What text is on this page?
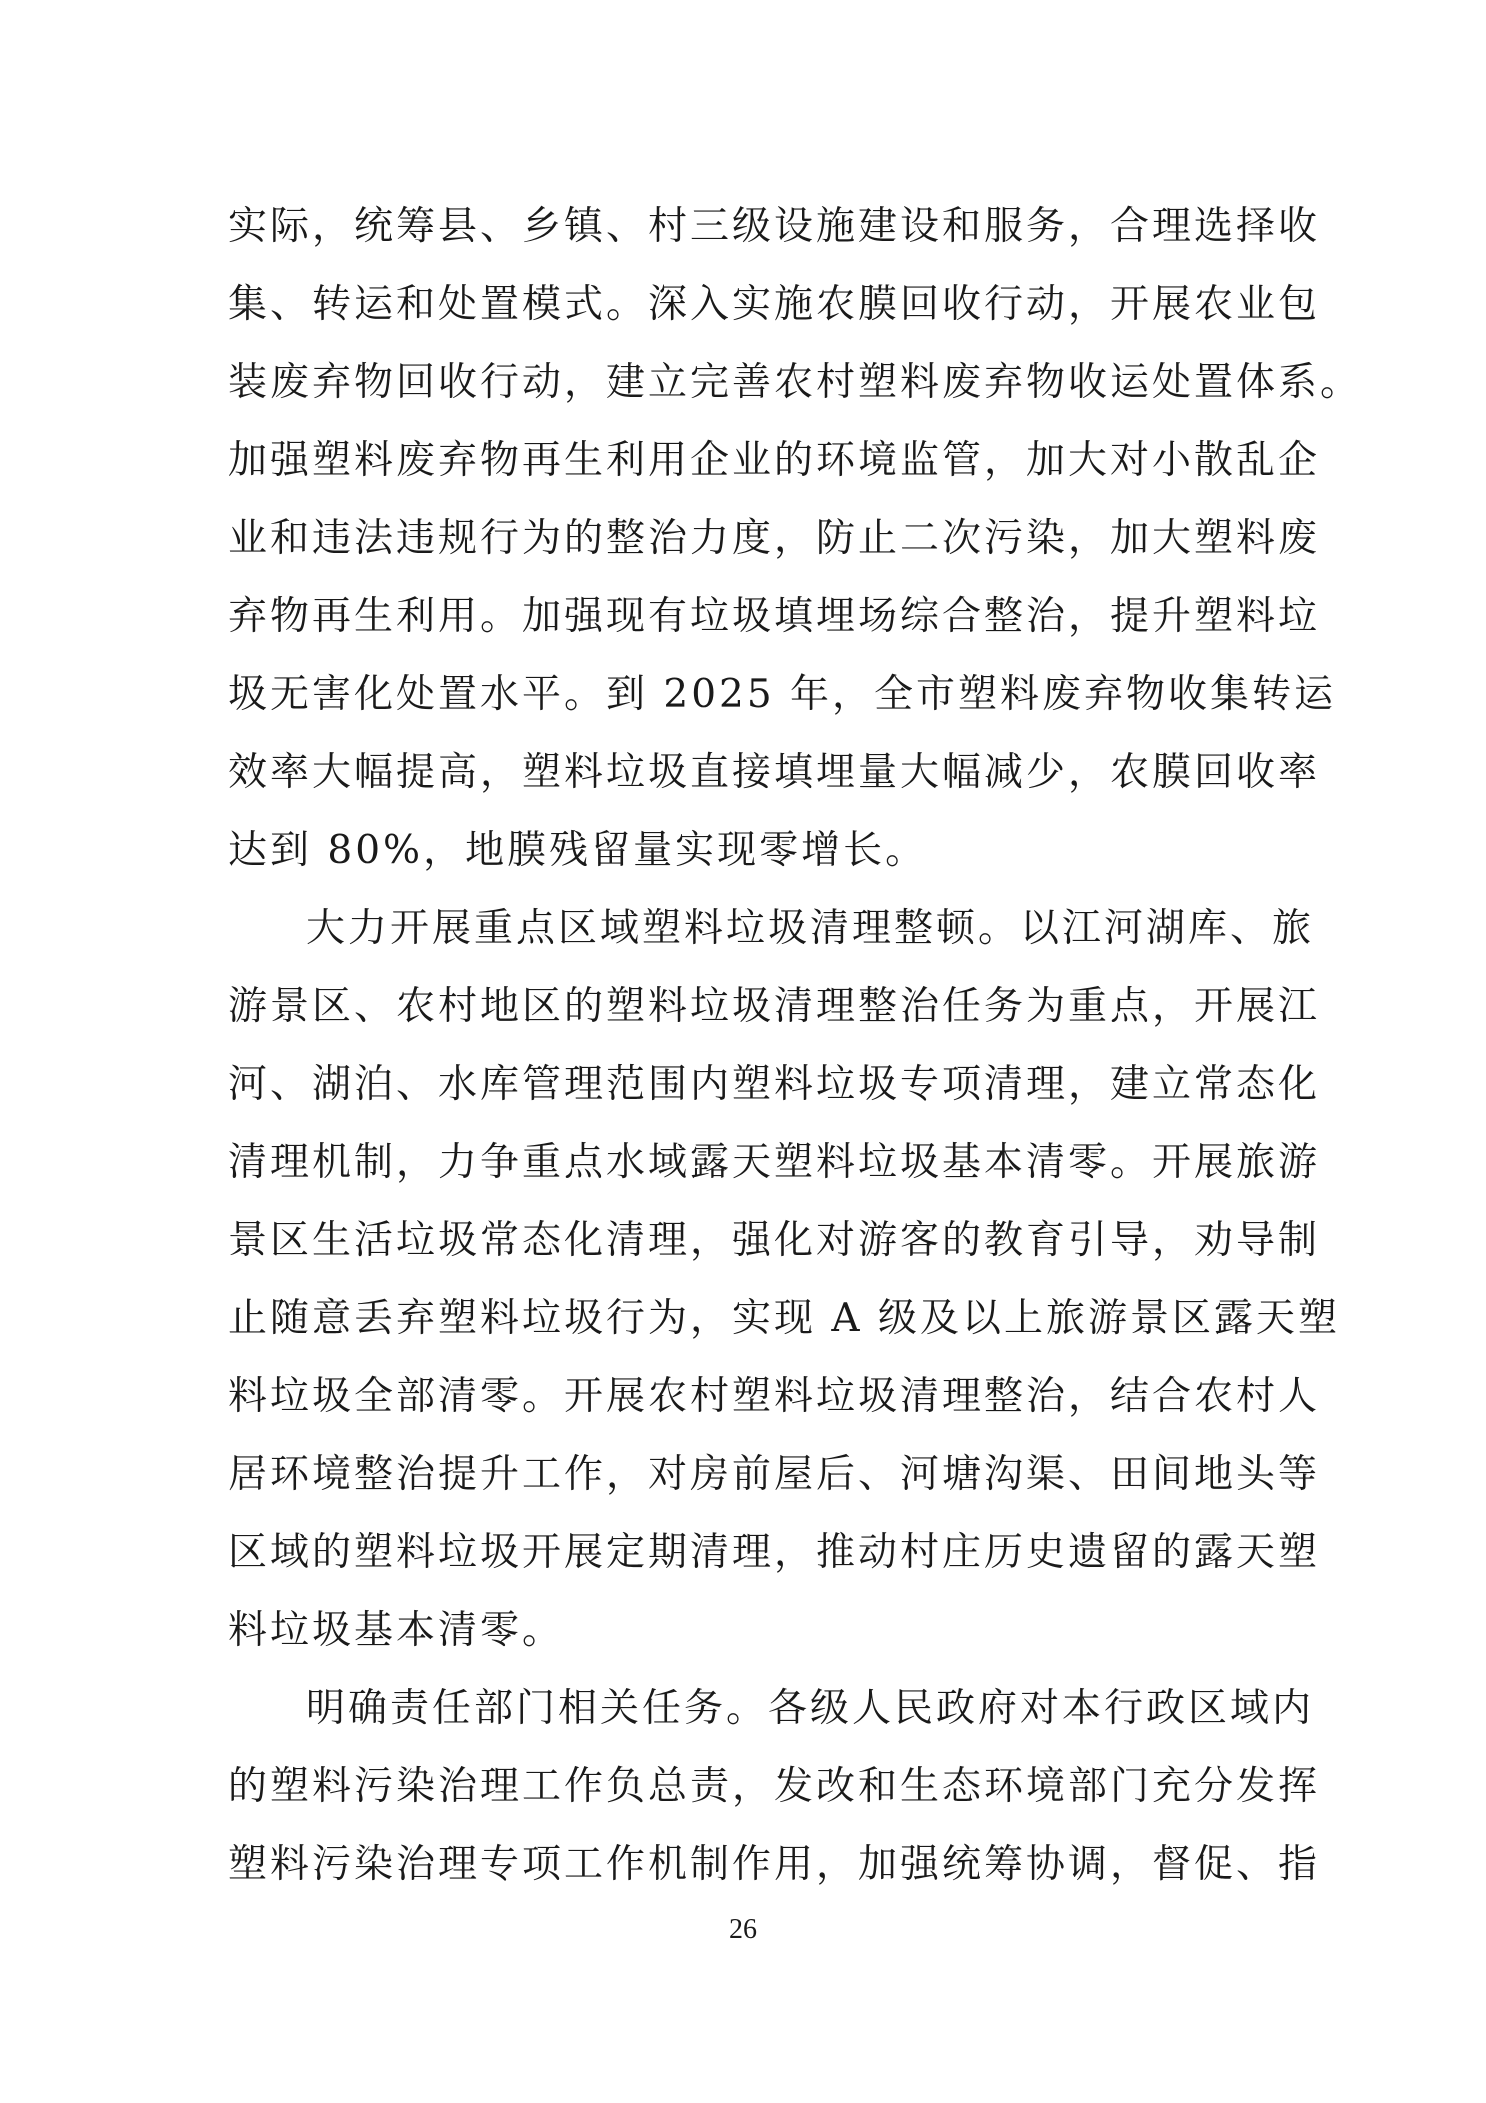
实际，统筹县、乡镇、村三级设施建设和服务，合理选择收
集、转运和处置模式。深入实施农膜回收行动，开展农业包
装废弃物回收行动，建立完善农村塑料废弃物收运处置体系。
加强塑料废弃物再生利用企业的环境监管，加大对小散乱企
业和违法违规行为的整治力度，防止二次污染，加大塑料废
弃物再生利用。加强现有垃圾填埋场综合整治，提升塑料垃
圾无害化处置水平。到 2025 年，全市塑料废弃物收集转运
效率大幅提高，塑料垃圾直接填埋量大幅减少，农膜回收率
达到 80%，地膜残留量实现零增长。
大力开展重点区域塑料垃圾清理整顿。以江河湖库、旅
游景区、农村地区的塑料垃圾清理整治任务为重点，开展江
河、湖泊、水库管理范围内塑料垃圾专项清理，建立常态化
清理机制，力争重点水域露天塑料垃圾基本清零。开展旅游
景区生活垃圾常态化清理，强化对游客的教育引导，劝导制
止随意丢弃塑料垃圾行为，实现 A 级及以上旅游景区露天塑
料垃圾全部清零。开展农村塑料垃圾清理整治，结合农村人
居环境整治提升工作，对房前屋后、河塘沟渠、田间地头等
区域的塑料垃圾开展定期清理，推动村庄历史遗留的露天塑
料垃圾基本清零。
明确责任部门相关任务。各级人民政府对本行政区域内
的塑料污染治理工作负总责，发改和生态环境部门充分发挥
塑料污染治理专项工作机制作用，加强统筹协调，督促、指
26
